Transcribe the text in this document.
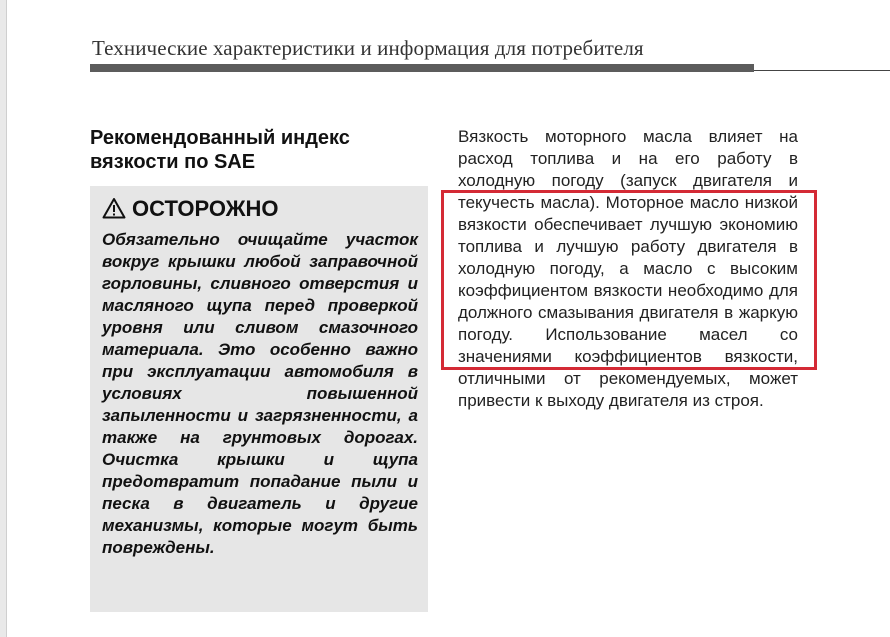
Технические характеристики и информация для потребителя
Рекомендованный индекс вязкости по SAE
ОСТОРОЖНО
Обязательно очищайте участок вокруг крышки любой заправочной горловины, сливного отверстия и масляного щупа перед проверкой уровня или сливом смазочного материала. Это особенно важно при эксплуатации автомобиля в условиях повышенной запыленности и загрязненности, а также на грунтовых дорогах. Очистка крышки и щупа предотвратит попадание пыли и песка в двигатель и другие механизмы, которые могут быть повреждены.
Вязкость моторного масла влияет на расход топлива и на его работу в холодную погоду (запуск двигателя и текучесть масла). Моторное масло низкой вязкости обеспечивает лучшую экономию топлива и лучшую работу двигателя в холодную погоду, а масло с высоким коэффициентом вязкости необходимо для должного смазывания двигателя в жаркую погоду. Использование масел со значениями коэффициентов вязкости, отличными от рекомендуемых, может привести к выходу двигателя из строя.
